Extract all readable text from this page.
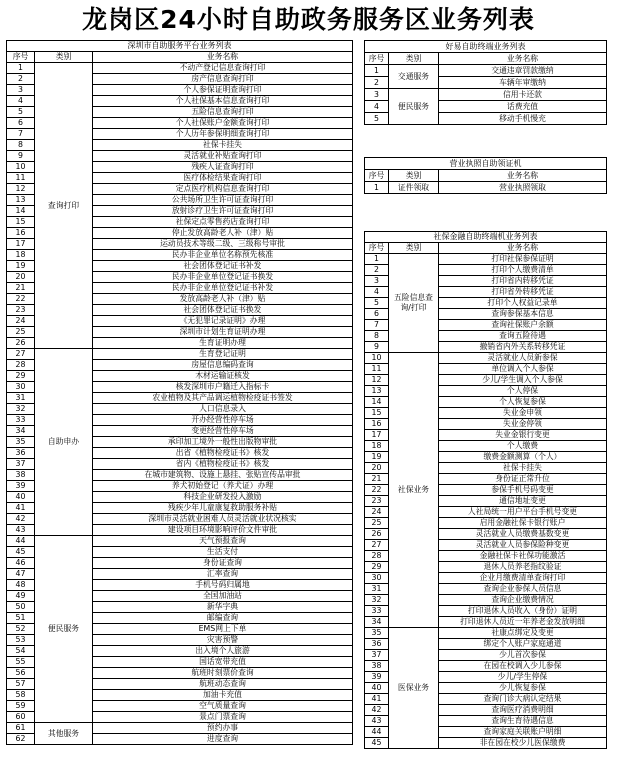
龙岗区24小时自助政务服务区业务列表
深圳市自助服务平台业务列表		
序号	类别	业务名称
1	查询打印	不动产登记信息查询打印
2		房产信息查询打印
3		个人参保证明查询打印
4		个人社保基本信息查询打印
5		五险信息查询打印
6		个人社保账户金额查询打印
7		个人历年参保明细查询打印
8		社保卡挂失
9		灵活就业补贴查询打印
10		残疾人证查询打印
11		医疗体检结果查询打印
12		定点医疗机构信息查询打印
13		公共场所卫生许可证查询打印
14		放射诊疗卫生许可证查询打印
15		社保定点零售药店查询打印
16		停止发放高龄老人补（津）贴
17		运动员技术等级二级、三级称号审批
18		民办非企业单位名称预先核准
19		社会团体登记证书补发
20		民办非企业单位登记证书换发
21		民办非企业单位登记证书补发
22		发放高龄老人补（津）贴
23		社会团体登记证书换发
24		《无犯罪记录证明》办理
25		深圳市计划生育证明办理
26		生育证明办理
27	自助申办	生育登记证明
28		房屋信息编码查询
29		木材运输证核发
30		核发深圳市户籍迁入指标卡
31		农业植物及其产品调运植物检疫证书签发
32		人口信息录入
33		开办经营性停车场
34		变更经营性停车场
35		承印加工境外一般性出版物审批
36		出省《植物检疫证书》核发
37		省内《植物检疫证书》核发
38		在城市建筑物、设施上悬挂、张贴宣传品审批
39		养犬初始登记（养犬证）办理
40		科技企业研发投入激励
41		残疾少年儿童康复救助服务补贴
42		深圳市灵活就业困难人员灵活就业状况核实
43		建设项目环境影响评价文件审批
44	便民服务	天气预报查询
45		生活支付
46		身份证查询
47		汇率查询
48		手机号码归属地
49		全国加油站
50		新华字典
51		邮编查询
52		EMS网上下单
53		灾害预警
54		出入境个人旅游
55		国话宽带充值
56		航班时刻票价查询
57		航班动态查询
58		加油卡充值
59		空气质量查询
60		景点门票查询
61	其他服务	预约办事
62		进度查询
好易自助终端业务列表		
序号	类别	业务名称
1	交通服务	交通违章罚款缴纳
2		车辆年审缴纳
3	便民服务	信用卡还款
4		话费充值
5		移动手机慢充
营业执照自助领证机		
序号	类别	业务名称
1	证件领取	营业执照领取
社保金融自助终端机业务列表		
序号	类别	业务名称
1	五险信息查询/打印	打印社保参保证明
2		打印个人缴费清单
3		打印省内转移凭证
4		打印省外转移凭证
5		打印个人权益记录单
6		查询参保基本信息
7		查询社保账户余额
8		查询五险待遇
9		撤销省内外关系转移凭证
10	社保业务	灵活就业人员新参保
11		单位调入个人参保
12		少儿/学生调入个人参保
13		个人停保
14		个人恢复参保
15		失业金申领
16		失业金停领
17		失业金银行变更
18		个人缴费
19		缴费金额测算（个人）
20		社保卡挂失
21		身份证正常升位
22		参保手机号码变更
23		通信地址变更
24		人社局统一用户平台手机号变更
25		启用金融社保卡银行账户
26		灵活就业人员缴费基数变更
27		灵活就业人员参保险种变更
28		金融社保卡社保功能激活
29		退休人员养老指纹验证
30		企业月缴费清单查询打印
31		查询企业参保人员信息
32		查询企业缴费情况
33		打印退休人员收入（身份）证明
34		打印退休人员近一年养老金发放明细
35	医保业务	社康点绑定及变更
36		绑定个人账户家庭通道
37		少儿首次参保
38		在园在校调入少儿参保
39		少儿/学生停保
40		少儿恢复参保
41		查询门诊大病认定结果
42		查询医疗消费明细
43		查询生育待遇信息
44		查询家庭关联账户明细
45		非在园在校少儿医保缴费
